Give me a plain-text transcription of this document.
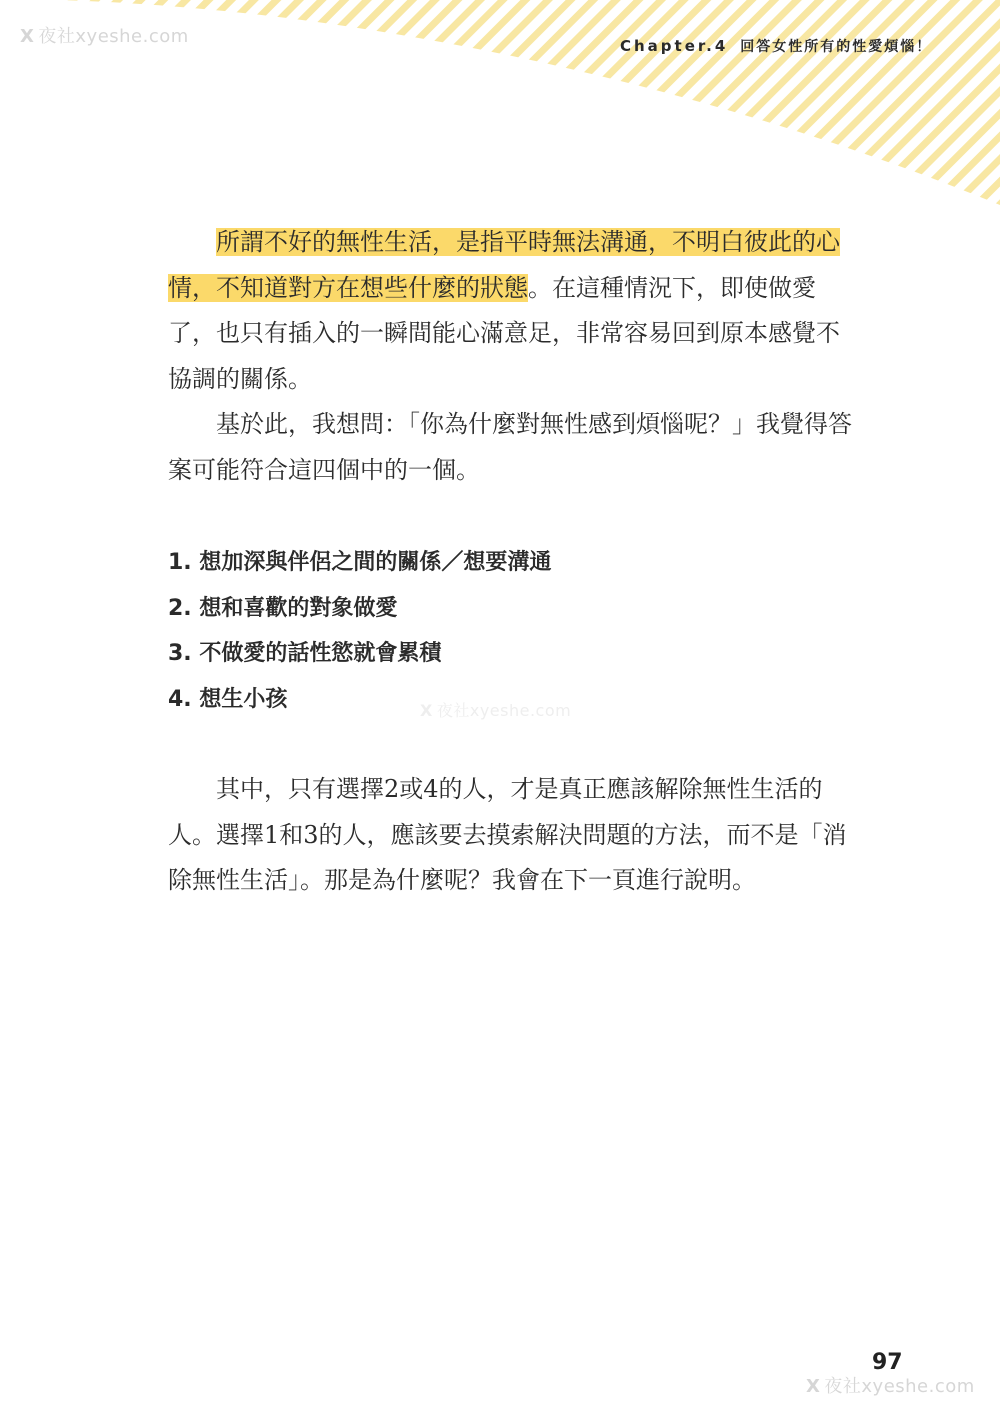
X 夜社xyeshe.com	Chapter.4 回答女性所有的性愛煩惱！

所謂不好的無性生活，是指平時無法溝通，不明白彼此的心情，不知道對方在想些什麼的狀態。在這種情況下，即使做愛了，也只有插入的一瞬間能心滿意足，非常容易回到原本感覺不協調的關係。

基於此，我想問：「你為什麼對無性感到煩惱呢？」我覺得答案可能符合這四個中的一個。

1. 想加深與伴侶之間的關係／想要溝通
2. 想和喜歡的對象做愛
3. 不做愛的話性慾就會累積
4. 想生小孩	X 夜社xyeshe.com

其中，只有選擇2或4的人，才是真正應該解除無性生活的人。選擇1和3的人，應該要去摸索解決問題的方法，而不是「消除無性生活」。那是為什麼呢？我會在下一頁進行說明。

97
X 夜社xyeshe.com
